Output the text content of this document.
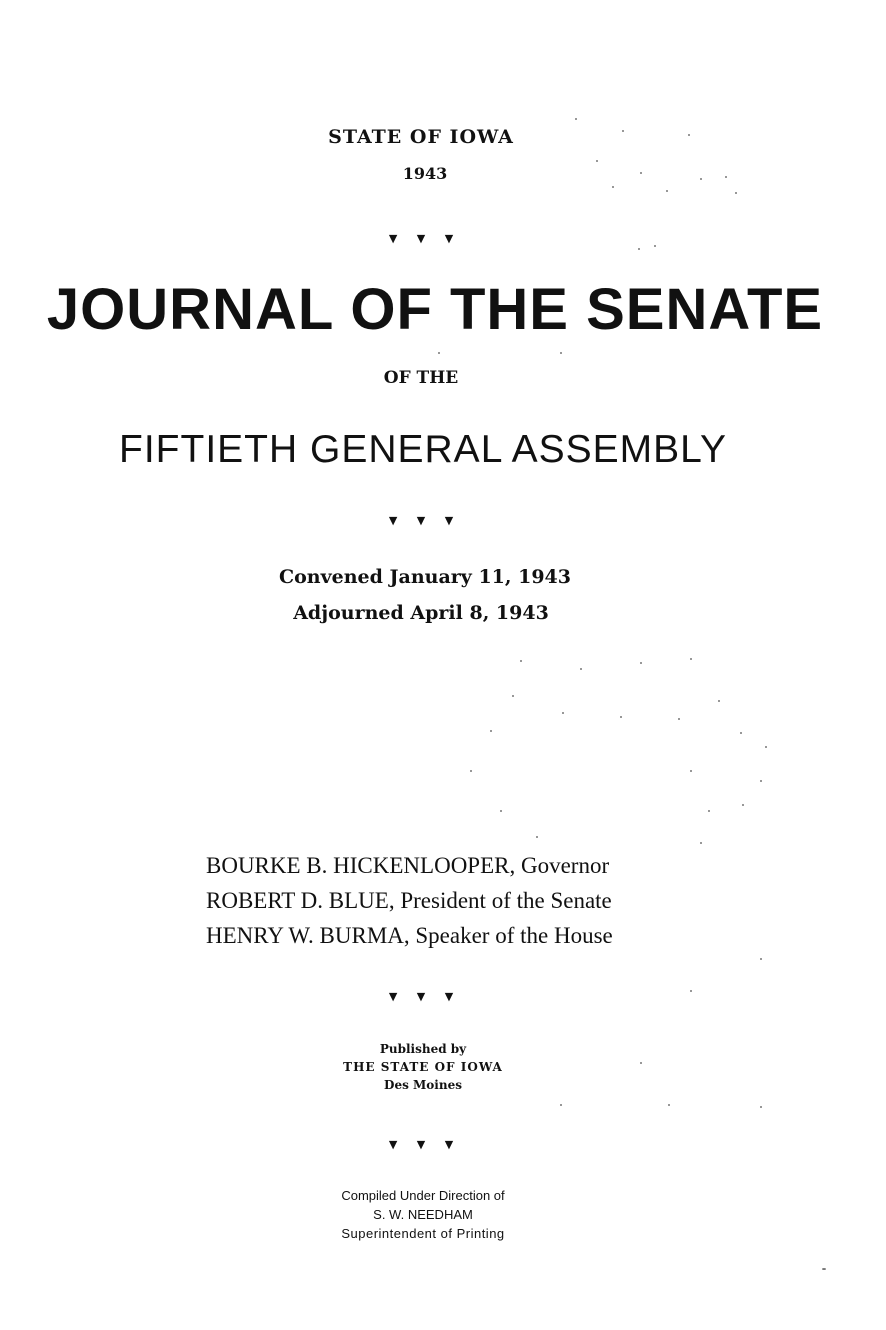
STATE OF IOWA
1943
▼ ▼ ▼
JOURNAL OF THE SENATE
OF THE
FIFTIETH GENERAL ASSEMBLY
▼ ▼ ▼
Convened January 11, 1943
Adjourned April 8, 1943
BOURKE B. HICKENLOOPER, Governor
ROBERT D. BLUE, President of the Senate
HENRY W. BURMA, Speaker of the House
▼ ▼ ▼
Published by
THE STATE OF IOWA
Des Moines
▼ ▼ ▼
Compiled Under Direction of
S. W. NEEDHAM
Superintendent of Printing
